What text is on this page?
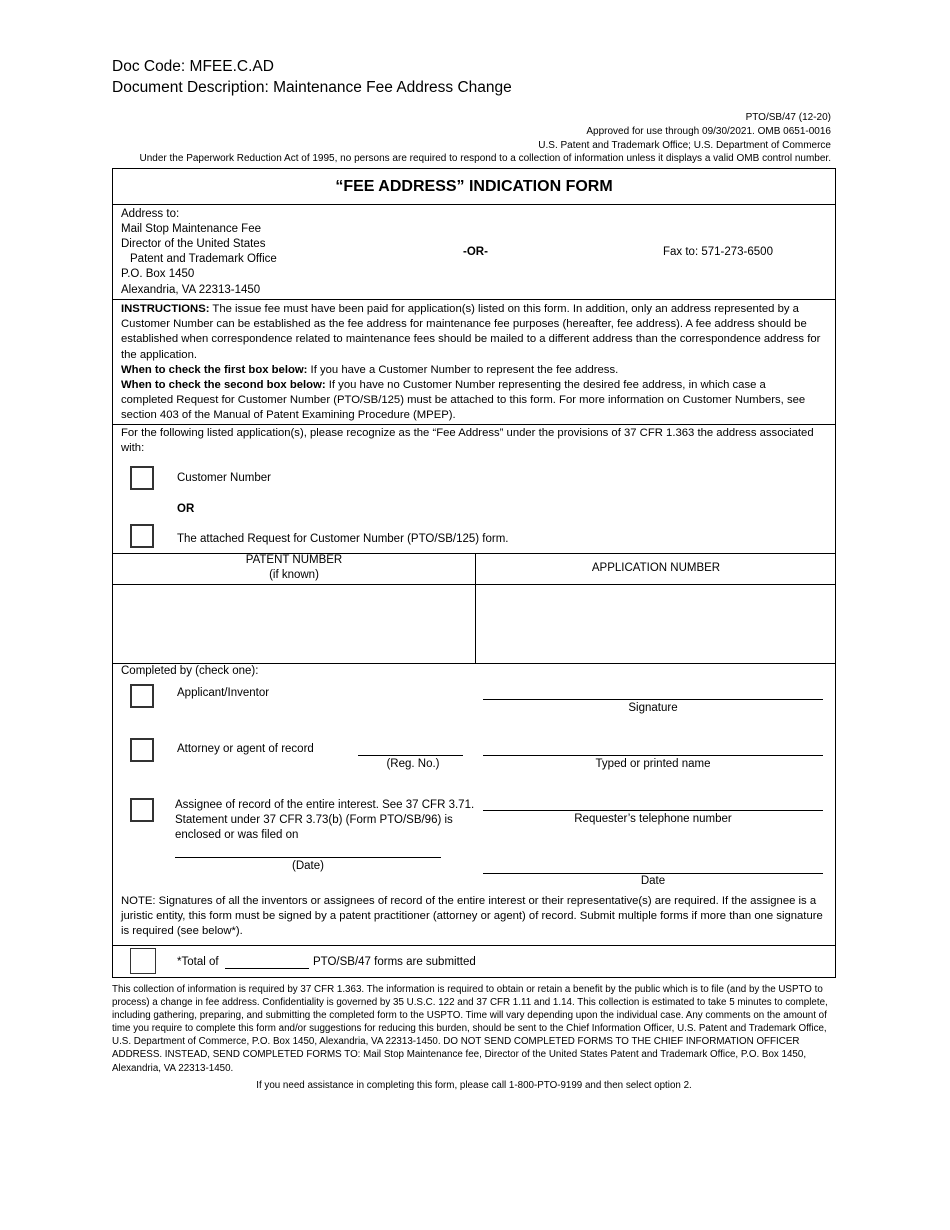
Doc Code: MFEE.C.AD
Document Description: Maintenance Fee Address Change
PTO/SB/47 (12-20)
Approved for use through 09/30/2021. OMB 0651-0016
U.S. Patent and Trademark Office; U.S. Department of Commerce
Under the Paperwork Reduction Act of 1995, no persons are required to respond to a collection of information unless it displays a valid OMB control number.
“FEE ADDRESS” INDICATION FORM
Address to:
Mail Stop Maintenance Fee
Director of the United States
Patent and Trademark Office
P.O. Box 1450
Alexandria, VA 22313-1450
-OR-	Fax to: 571-273-6500
INSTRUCTIONS: The issue fee must have been paid for application(s) listed on this form. In addition, only an address represented by a Customer Number can be established as the fee address for maintenance fee purposes (hereafter, fee address). A fee address should be established when correspondence related to maintenance fees should be mailed to a different address than the correspondence address for the application.
When to check the first box below: If you have a Customer Number to represent the fee address.
When to check the second box below: If you have no Customer Number representing the desired fee address, in which case a completed Request for Customer Number (PTO/SB/125) must be attached to this form. For more information on Customer Numbers, see section 403 of the Manual of Patent Examining Procedure (MPEP).
For the following listed application(s), please recognize as the “Fee Address” under the provisions of 37 CFR 1.363 the address associated with:
Customer Number
OR
The attached Request for Customer Number (PTO/SB/125) form.
PATENT NUMBER
(if known)
APPLICATION NUMBER
Completed by (check one):
Applicant/Inventor
Signature
Attorney or agent of record
(Reg. No.)	Typed or printed name
Assignee of record of the entire interest. See 37 CFR 3.71.
Statement under 37 CFR 3.73(b) (Form PTO/SB/96) is
enclosed or was filed on
(Date)
Requester’s telephone number
Date
NOTE: Signatures of all the inventors or assignees of record of the entire interest or their representative(s) are required. If the assignee is a juristic entity, this form must be signed by a patent practitioner (attorney or agent) of record. Submit multiple forms if more than one signature is required (see below*).
*Total of	PTO/SB/47 forms are submitted
This collection of information is required by 37 CFR 1.363. The information is required to obtain or retain a benefit by the public which is to file (and by the USPTO to process) a change in fee address. Confidentiality is governed by 35 U.S.C. 122 and 37 CFR 1.11 and 1.14. This collection is estimated to take 5 minutes to complete, including gathering, preparing, and submitting the completed form to the USPTO. Time will vary depending upon the individual case. Any comments on the amount of time you require to complete this form and/or suggestions for reducing this burden, should be sent to the Chief Information Officer, U.S. Patent and Trademark Office, U.S. Department of Commerce, P.O. Box 1450, Alexandria, VA 22313-1450. DO NOT SEND COMPLETED FORMS TO THE CHIEF INFORMATION OFFICER ADDRESS. INSTEAD, SEND COMPLETED FORMS TO: Mail Stop Maintenance fee, Director of the United States Patent and Trademark Office, P.O. Box 1450, Alexandria, VA 22313-1450.
If you need assistance in completing this form, please call 1-800-PTO-9199 and then select option 2.
